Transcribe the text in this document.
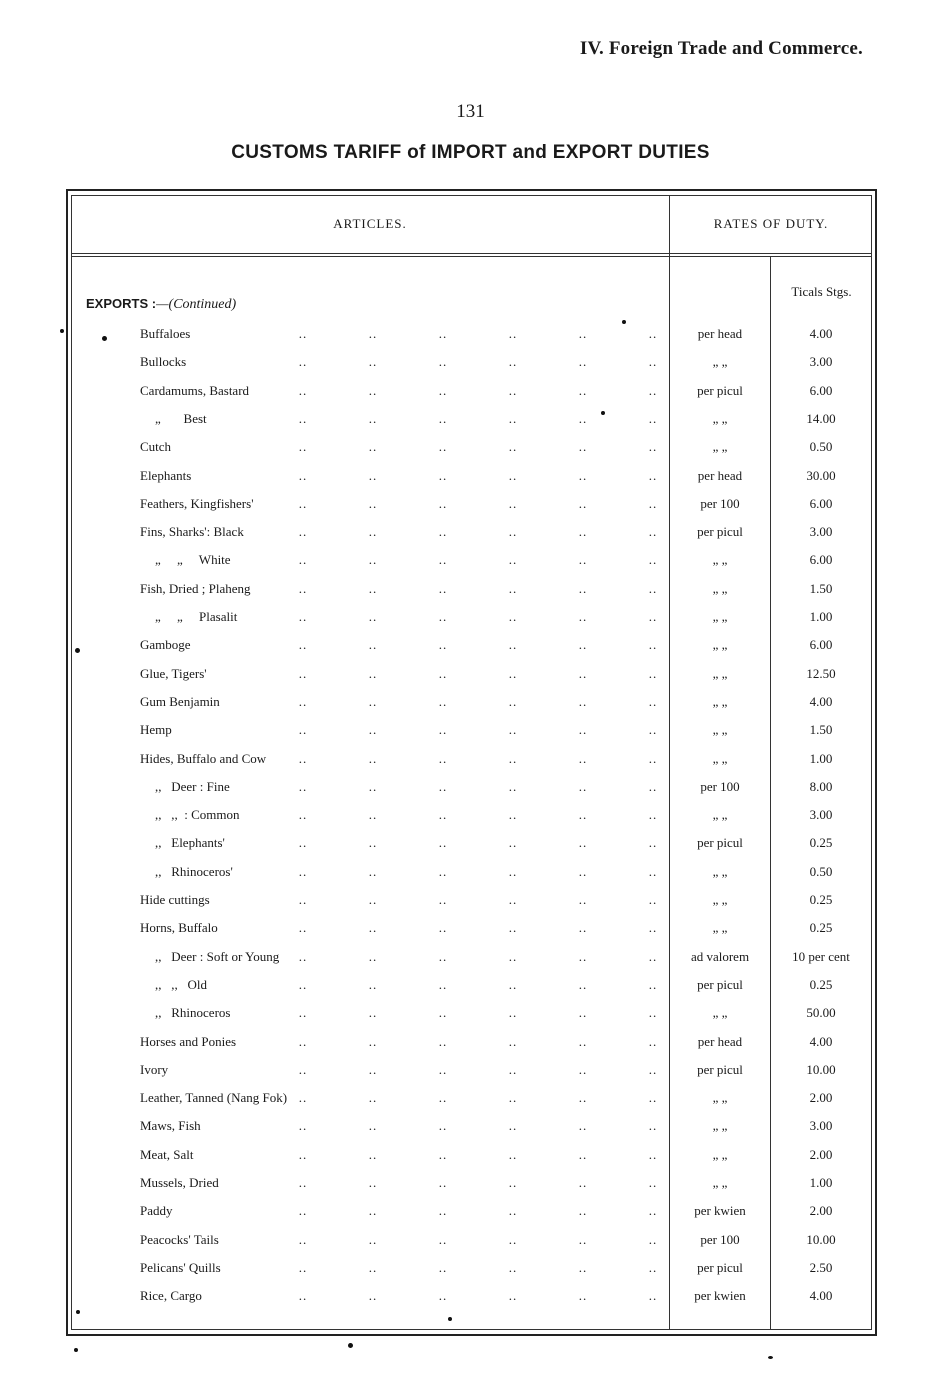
IV. Foreign Trade and Commerce.
131
CUSTOMS TARIFF of IMPORT and EXPORT DUTIES
ARTICLES.	RATES OF DUTY.
Ticals Stgs.
EXPORTS :—(Continued)
Buffaloes	..	..	..	..	..	..	per head	4.00
Bullocks	..	..	..	..	..	..	„ „	3.00
Cardamums, Bastard	..	..	..	..	..	..	per picul	6.00
„       Best	..	..	..	..	..	..	„ „	14.00
Cutch	..	..	..	..	..	..	„ „	0.50
Elephants	..	..	..	..	..	..	per head	30.00
Feathers, Kingfishers'	..	..	..	..	..	..	per 100	6.00
Fins, Sharks': Black	..	..	..	..	..	..	per picul	3.00
„     „     White	..	..	..	..	..	..	„ „	6.00
Fish, Dried ; Plaheng	..	..	..	..	..	..	„ „	1.50
„     „     Plasalit	..	..	..	..	..	..	„ „	1.00
Gamboge	..	..	..	..	..	..	„ „	6.00
Glue, Tigers'	..	..	..	..	..	..	„ „	12.50
Gum Benjamin	..	..	..	..	..	..	„ „	4.00
Hemp	..	..	..	..	..	..	„ „	1.50
Hides, Buffalo and Cow	..	..	..	..	..	..	„ „	1.00
,,   Deer : Fine	..	..	..	..	..	..	per 100	8.00
,,   ,,  : Common	..	..	..	..	..	..	„ „	3.00
,,   Elephants'	..	..	..	..	..	..	per picul	0.25
,,   Rhinoceros'	..	..	..	..	..	..	„ „	0.50
Hide cuttings	..	..	..	..	..	..	„ „	0.25
Horns, Buffalo	..	..	..	..	..	..	„ „	0.25
,,   Deer : Soft or Young ..	..	..	..	..	..	ad valorem	10 per cent
,,   ,,   Old	..	..	..	..	..	..	per picul	0.25
,,   Rhinoceros	..	..	..	..	..	..	„ „	50.00
Horses and Ponies	..	..	..	..	..	..	per head	4.00
Ivory	..	..	..	..	..	..	per picul	10.00
Leather, Tanned (Nang Fok) ..	..	..	..	..	..	„ „	2.00
Maws, Fish	..	..	..	..	..	..	„ „	3.00
Meat, Salt	..	..	..	..	..	..	„ „	2.00
Mussels, Dried	..	..	..	..	..	..	„ „	1.00
Paddy	..	..	..	..	..	..	per kwien	2.00
Peacocks' Tails	..	..	..	..	..	..	per 100	10.00
Pelicans' Quills	..	..	..	..	..	..	per picul	2.50
Rice, Cargo	..	..	..	..	..	..	per kwien	4.00
